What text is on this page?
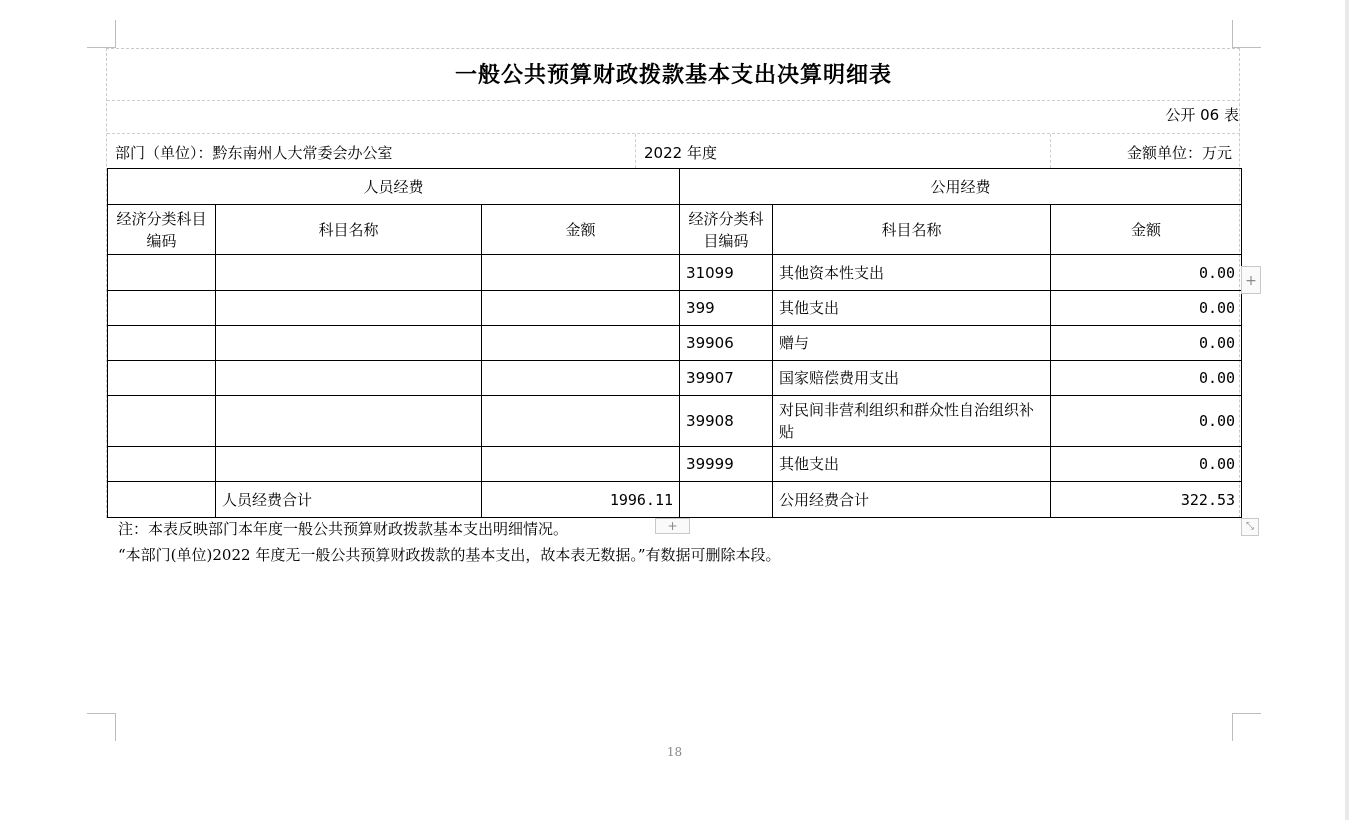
一般公共预算财政拨款基本支出决算明细表
公开 06 表
部门（单位）：黔东南州人大常委会办公室	2022 年度	金额单位：万元
人员经费			公用经费		
经济分类科目编码	科目名称	金额	经济分类科目编码	科目名称	金额
			31099	其他资本性支出	0.00
			399	其他支出	0.00
			39906	赠与	0.00
			39907	国家赔偿费用支出	0.00
			39908	对民间非营利组织和群众性自治组织补贴	0.00
			39999	其他支出	0.00
	人员经费合计	1996.11		公用经费合计	322.53
+
+	⤡
注：本表反映部门本年度一般公共预算财政拨款基本支出明细情况。
“本部门(单位)2022 年度无一般公共预算财政拨款的基本支出，故本表无数据。”有数据可删除本段。
18
